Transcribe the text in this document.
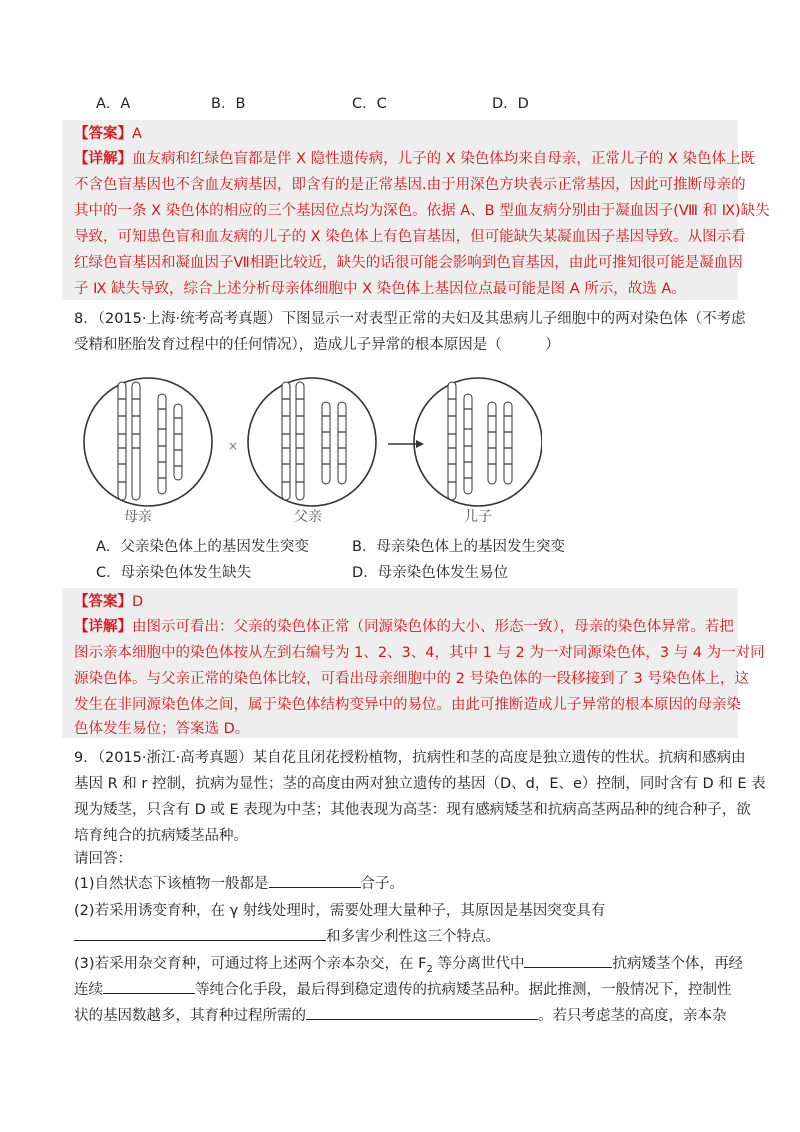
A．A	B．B	C．C	D．D
【答案】A
【详解】血友病和红绿色盲都是伴 X 隐性遗传病，儿子的 X 染色体均来自母亲，正常儿子的 X 染色体上既
不含色盲基因也不含血友病基因，即含有的是正常基因.由于用深色方块表示正常基因，因此可推断母亲的
其中的一条 X 染色体的相应的三个基因位点均为深色。依据 A、B 型血友病分别由于凝血因子(Ⅷ 和 Ⅸ)缺失
导致，可知患色盲和血友病的儿子的 X 染色体上有色盲基因，但可能缺失某凝血因子基因导致。从图示看
红绿色盲基因和凝血因子Ⅶ相距比较近，缺失的话很可能会影响到色盲基因，由此可推知很可能是凝血因
子 Ⅸ 缺失导致，综合上述分析母亲体细胞中 X 染色体上基因位点最可能是图 A 所示，故选 A。
8．（2015·上海·统考高考真题）下图显示一对表型正常的夫妇及其患病儿子细胞中的两对染色体（不考虑
受精和胚胎发育过程中的任何情况），造成儿子异常的根本原因是（　　　）
×
母亲	父亲	儿子
A．父亲染色体上的基因发生突变	B．母亲染色体上的基因发生突变
C．母亲染色体发生缺失	D．母亲染色体发生易位
【答案】D
【详解】由图示可看出：父亲的染色体正常（同源染色体的大小、形态一致），母亲的染色体异常。若把
图示亲本细胞中的染色体按从左到右编号为 1、2、3、4，其中 1 与 2 为一对同源染色体，3 与 4 为一对同
源染色体。与父亲正常的染色体比较，可看出母亲细胞中的 2 号染色体的一段移接到了 3 号染色体上，这
发生在非同源染色体之间，属于染色体结构变异中的易位。由此可推断造成儿子异常的根本原因的母亲染
色体发生易位；答案选 D。
9．（2015·浙江·高考真题）某自花且闭花授粉植物，抗病性和茎的高度是独立遗传的性状。抗病和感病由
基因 R 和 r 控制，抗病为显性；茎的高度由两对独立遗传的基因（D、d，E、e）控制，同时含有 D 和 E 表
现为矮茎，只含有 D 或 E 表现为中茎；其他表现为高茎：现有感病矮茎和抗病高茎两品种的纯合种子，欲
培育纯合的抗病矮茎品种。
请回答：
(1)自然状态下该植物一般都是	合子。
(2)若采用诱变育种，在 γ 射线处理时，需要处理大量种子，其原因是基因突变具有
和多害少利性这三个特点。
(3)若采用杂交育种，可通过将上述两个亲本杂交，在 $F_2$ 等分离世代中	抗病矮茎个体，再经
连续	等纯合化手段，最后得到稳定遗传的抗病矮茎品种。据此推测，一般情况下，控制性
状的基因数越多，其育种过程所需的	。若只考虑茎的高度，亲本杂
